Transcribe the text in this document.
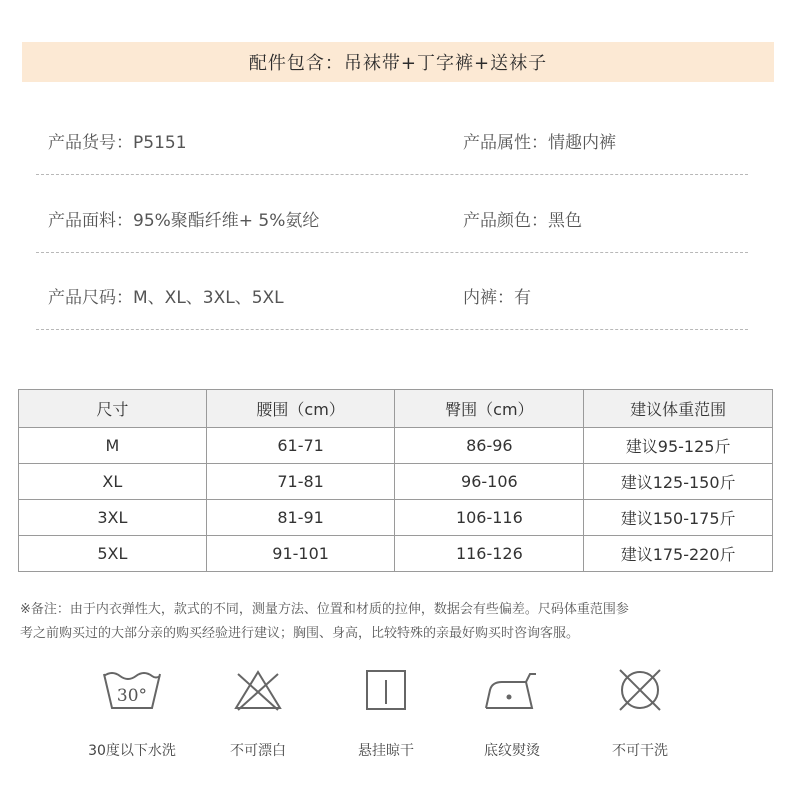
配件包含：吊袜带+丁字裤+送袜子
产品货号：P5151	产品属性：情趣内裤
产品面料：95%聚酯纤维+ 5%氨纶	产品颜色：黑色
产品尺码：M、XL、3XL、5XL	内裤：有
尺寸	腰围（cm）	臀围（cm）	建议体重范围
M	61-71	86-96	建议95-125斤
XL	71-81	96-106	建议125-150斤
3XL	81-91	106-116	建议150-175斤
5XL	91-101	116-126	建议175-220斤
※备注：由于内衣弹性大，款式的不同，测量方法、位置和材质的拉伸，数据会有些偏差。尺码体重范围参
考之前购买过的大部分亲的购买经验进行建议；胸围、身高，比较特殊的亲最好购买时咨询客服。
30°
30度以下水洗	不可漂白	悬挂晾干	底纹熨烫	不可干洗
